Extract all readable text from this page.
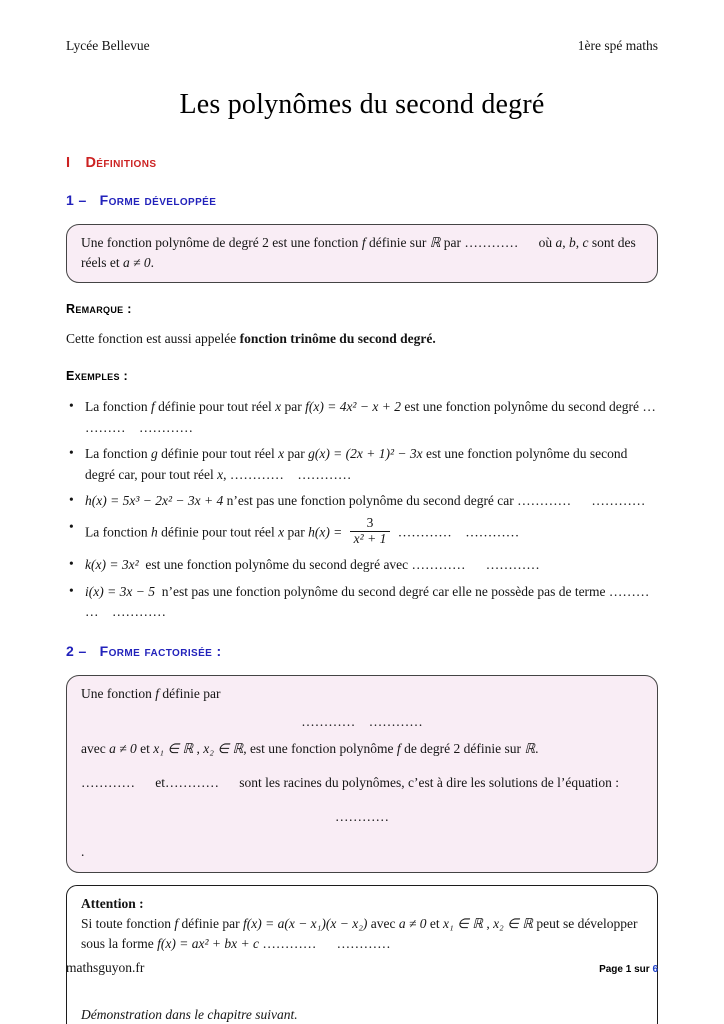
Lycée Bellevue	1ère spé maths
Les polynômes du second degré
I Définitions
1 – Forme développée

Une fonction polynôme de degré 2 est une fonction f définie sur ℝ par …………  où a, b, c sont des réels et a ≠ 0.

Remarque :

Cette fonction est aussi appelée fonction trinôme du second degré.

Exemples :
• La fonction f définie pour tout réel x par f(x) = 4x² − x + 2 est une fonction polynôme du second degré …
……… …………
• La fonction g définie pour tout réel x par g(x) = (2x + 1)² − 3x est une fonction polynôme du second degré car, pour tout réel x, ………… …………
• h(x) = 5x³ − 2x² − 3x + 4 n’est pas une fonction polynôme du second degré car …………  …………
• La fonction h définie pour tout réel x par $h(x) = \frac{3}{\text{x² + 1}}$ ………… …………
• k(x) = 3x² est une fonction polynôme du second degré avec …………  …………
• i(x) = 3x − 5 n’est pas une fonction polynôme du second degré car elle ne possède pas de terme ………
… …………
2 – Forme factorisée :

Une fonction f définie par

………… …………

avec a ≠ 0 et x₁ ∈ ℝ , x₂ ∈ ℝ, est une fonction polynôme f de degré 2 définie sur ℝ.

…………  et…………  sont les racines du polynômes, c’est à dire les solutions de l’équation :

…………

.

Attention :

Si toute fonction f définie par f(x) = a(x − x₁)(x − x₂) avec a ≠ 0 et x₁ ∈ ℝ , x₂ ∈ ℝ peut se développer sous la forme f(x) = ax² + bx + c …………  …………

Démonstration dans le chapitre suivant.

mathsguyon.fr	Page 1 sur 6
